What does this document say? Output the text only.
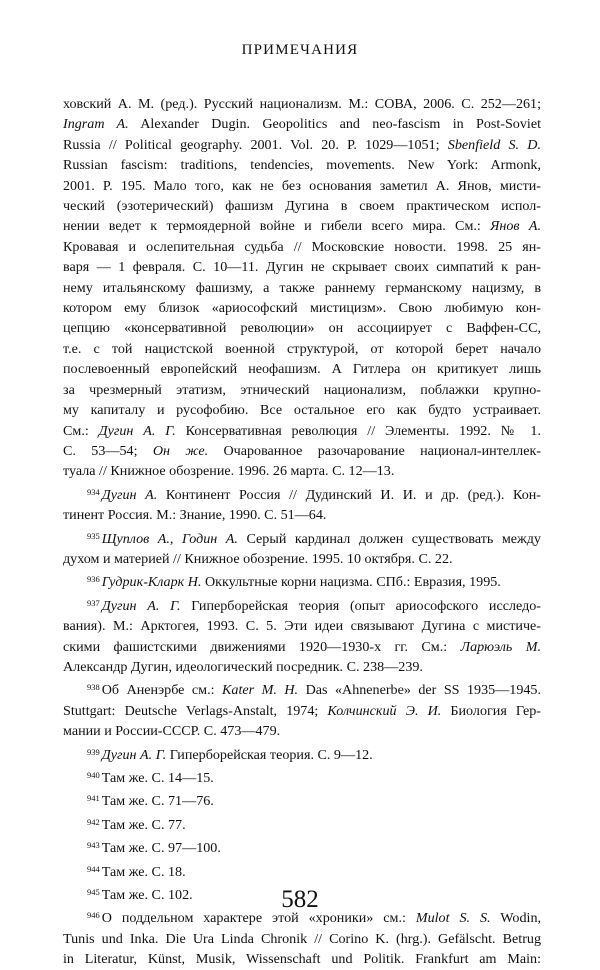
ПРИМЕЧАНИЯ
ховский А. М. (ред.). Русский национализм. М.: СОВА, 2006. С. 252—261;
Ingram A. Alexander Dugin. Geopolitics and neo-fascism in Post-Soviet
Russia // Political geography. 2001. Vol. 20. P. 1029—1051; Sbenfield S. D.
Russian fascism: traditions, tendencies, movements. New York: Armonk,
2001. P. 195. Мало того, как не без основания заметил А. Янов, мисти-
ческий (эзотерический) фашизм Дугина в своем практическом испол-
нении ведет к термоядерной войне и гибели всего мира. См.: Янов А.
Кровавая и ослепительная судьба // Московские новости. 1998. 25 ян-
варя — 1 февраля. С. 10—11. Дугин не скрывает своих симпатий к ран-
нему итальянскому фашизму, а также раннему германскому нацизму, в
котором ему близок «ариософский мистицизм». Свою любимую кон-
цепцию «консервативной революции» он ассоциирует с Ваффен-СС,
т.е. с той нацистской военной структурой, от которой берет начало
послевоенный европейский неофашизм. А Гитлера он критикует лишь
за чрезмерный этатизм, этнический национализм, поблажки крупно-
му капиталу и русофобию. Все остальное его как будто устраивает.
См.: Дугин А. Г. Консервативная революция // Элементы. 1992. № 1.
С. 53—54; Он же. Очарованное разочарование национал-интеллек-
туала // Книжное обозрение. 1996. 26 марта. С. 12—13.
$^{934}$ Дугин А. Континент Россия // Дудинский И. И. и др. (ред.). Кон-
тинент Россия. М.: Знание, 1990. С. 51—64.
$^{935}$ Щуплов А., Годин А. Серый кардинал должен существовать между
духом и материей // Книжное обозрение. 1995. 10 октября. С. 22.
$^{936}$ Гудрик-Кларк Н. Оккультные корни нацизма. СПб.: Евразия, 1995.
$^{937}$ Дугин А. Г. Гиперборейская теория (опыт ариософского исследо-
вания). М.: Арктогея, 1993. С. 5. Эти идеи связывают Дугина с мистиче-
скими фашистскими движениями 1920—1930-х гг. См.: Ларюэль М.
Александр Дугин, идеологический посредник. С. 238—239.
$^{938}$ Об Аненэрбе см.: Kater M. H. Das «Ahnenerbe» der SS 1935—1945.
Stuttgart: Deutsche Verlags-Anstalt, 1974; Колчинский Э. И. Биология Гер-
мании и России-СССР. С. 473—479.
$^{939}$ Дугин А. Г. Гиперборейская теория. С. 9—12.
$^{940}$ Там же. С. 14—15.
$^{941}$ Там же. С. 71—76.
$^{942}$ Там же. С. 77.
$^{943}$ Там же. С. 97—100.
$^{944}$ Там же. С. 18.
$^{945}$ Там же. С. 102.
$^{946}$ О поддельном характере этой «хроники» см.: Mulot S. S. Wodin,
Tunis und Inka. Die Ura Linda Chronik // Corino K. (hrg.). Gefälscht. Betrug
in Literatur, Künst, Musik, Wissenschaft und Politik. Frankfurt am Main:
582
